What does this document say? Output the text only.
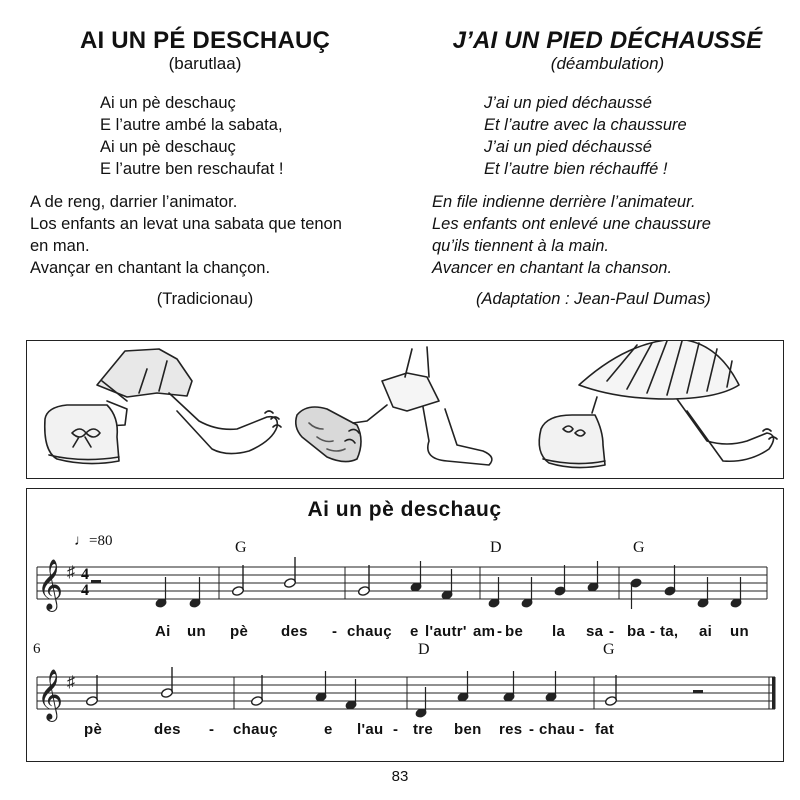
AI UN PÉ DESCHAUÇ
(barutlaa)
Ai un pè deschauç
E l’autre ambé la sabata,
Ai un pè deschauç
E l’autre ben reschaufat !
A de reng, darrier l’animator.
Los enfants an levat una sabata que tenon
en man.
Avançar en chantant la chançon.
(Tradicionau)
J’AI UN PIED DÉCHAUSSÉ
(déambulation)
J’ai un pied déchaussé
Et l’autre avec la chaussure
J’ai un pied déchaussé
Et l’autre bien réchauffé !
En file indienne derrière l’animateur.
Les enfants ont enlevé une chaussure
qu’ils tiennent à la main.
Avancer en chantant la chanson.
(Adaptation : Jean-Paul Dumas)
Ai un pè deschauç
♩=80	G	D	G
𝄞 ♯
𝄞 ♯
4
4
Ai un pè des - chauç e l'autr' am - be la sa - ba - ta, ai un
6	D	G
pè	des - chauç	e l'au - tre ben res - chau - fat
83
